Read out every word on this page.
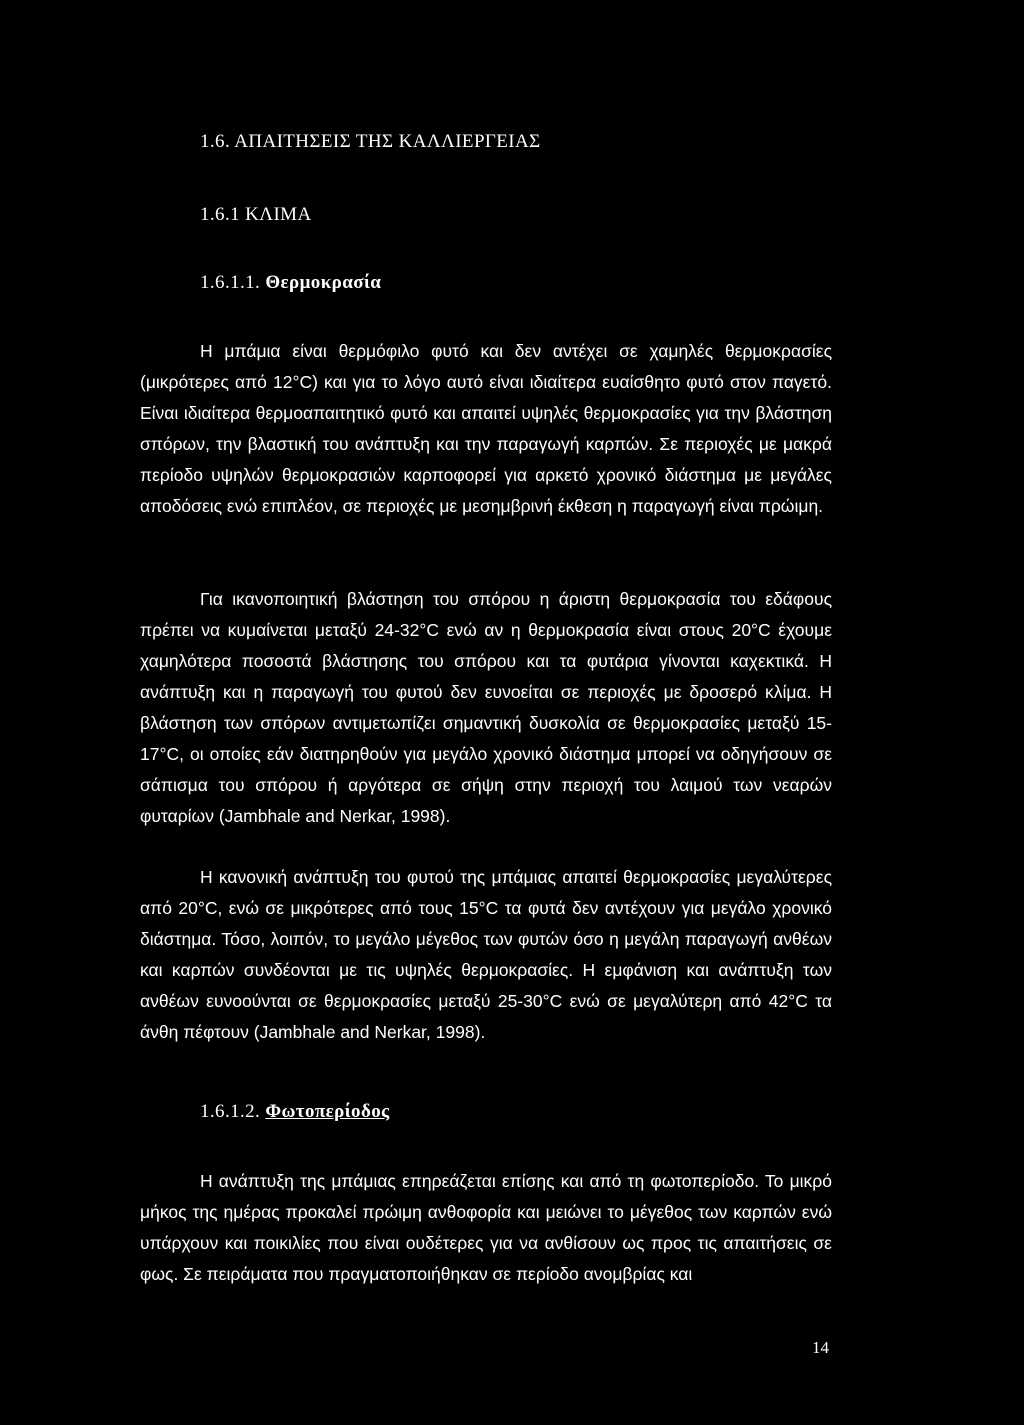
1.6. ΑΠΑΙΤΗΣΕΙΣ ΤΗΣ ΚΑΛΛΙΕΡΓΕΙΑΣ
1.6.1 ΚΛΙΜΑ
1.6.1.1. Θερμοκρασία

Η μπάμια είναι θερμόφιλο φυτό και δεν αντέχει σε χαμηλές θερμοκρασίες (μικρότερες από 12°C) και για το λόγο αυτό είναι ιδιαίτερα ευαίσθητο φυτό στον παγετό. Είναι ιδιαίτερα θερμοαπαιτητικό φυτό και απαιτεί υψηλές θερμοκρασίες για την βλάστηση σπόρων, την βλαστική του ανάπτυξη και την παραγωγή καρπών. Σε περιοχές με μακρά περίοδο υψηλών θερμοκρασιών καρποφορεί για αρκετό χρονικό διάστημα με μεγάλες αποδόσεις ενώ επιπλέον, σε περιοχές με μεσημβρινή έκθεση η παραγωγή είναι πρώιμη.

Για ικανοποιητική βλάστηση του σπόρου η άριστη θερμοκρασία του εδάφους πρέπει να κυμαίνεται μεταξύ 24-32°C ενώ αν η θερμοκρασία είναι στους 20°C έχουμε χαμηλότερα ποσοστά βλάστησης του σπόρου και τα φυτάρια γίνονται καχεκτικά. Η ανάπτυξη και η παραγωγή του φυτού δεν ευνοείται σε περιοχές με δροσερό κλίμα. Η βλάστηση των σπόρων αντιμετωπίζει σημαντική δυσκολία σε θερμοκρασίες μεταξύ 15-17°C, οι οποίες εάν διατηρηθούν για μεγάλο χρονικό διάστημα μπορεί να οδηγήσουν σε σάπισμα του σπόρου ή αργότερα σε σήψη στην περιοχή του λαιμού των νεαρών φυταρίων (Jambhale and Nerkar, 1998).

Η κανονική ανάπτυξη του φυτού της μπάμιας απαιτεί θερμοκρασίες μεγαλύτερες από 20°C, ενώ σε μικρότερες από τους 15°C τα φυτά δεν αντέχουν για μεγάλο χρονικό διάστημα. Τόσο, λοιπόν, το μεγάλο μέγεθος των φυτών όσο η μεγάλη παραγωγή ανθέων και καρπών συνδέονται με τις υψηλές θερμοκρασίες. Η εμφάνιση και ανάπτυξη των ανθέων ευνοούνται σε θερμοκρασίες μεταξύ 25-30°C ενώ σε μεγαλύτερη από 42°C τα άνθη πέφτουν (Jambhale and Nerkar, 1998).

1.6.1.2. Φωτοπερίοδος

Η ανάπτυξη της μπάμιας επηρεάζεται επίσης και από τη φωτοπερίοδο. Το μικρό μήκος της ημέρας προκαλεί πρώιμη ανθοφορία και μειώνει το μέγεθος των καρπών ενώ υπάρχουν και ποικιλίες που είναι ουδέτερες για να ανθίσουν ως προς τις απαιτήσεις σε φως. Σε πειράματα που πραγματοποιήθηκαν σε περίοδο ανομβρίας και

14
